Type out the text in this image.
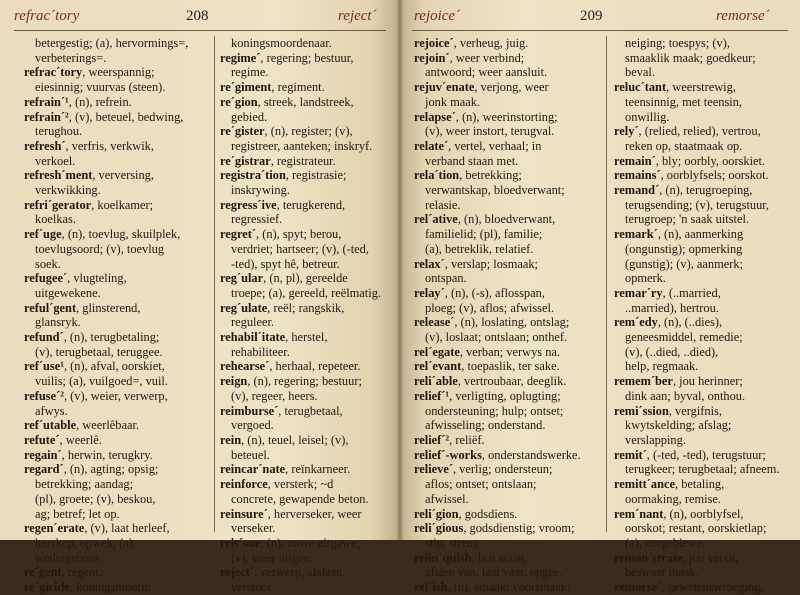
refrac´tory	208	reject´
betergestig; (a), hervormings=,
verbeterings=.
refrac´tory, weerspannig;
eiesinnig; vuurvas (steen).
refrain´¹, (n), refrein.
refrain´², (v), beteuel, bedwing,
terughou.
refresh´, verfris, verkwik,
verkoel.
refresh´ment, verversing,
verkwikking.
refri´gerator, koelkamer;
koelkas.
ref´uge, (n), toevlug, skuilplek,
toevlugsoord; (v), toevlug
soek.
refugee´, vlugteling,
uitgewekene.
reful´gent, glinsterend,
glansryk.
refund´, (n), terugbetaling;
(v), terugbetaal, teruggee.
ref´use¹, (n), afval, oorskiet,
vuilis; (a), vuilgoed=, vuil.
refuse´², (v), weier, verwerp,
afwys.
ref´utable, weerlêbaar.
refute´, weerlê.
regain´, herwin, terugkry.
regard´, (n), agting; opsig;
betrekking; aandag;
(pl), groete; (v), beskou,
ag; betref; let op.
regen´erate, (v), laat herleef,
herskep, opwek; (a),
wedergebore.
re´gent, regent.
re´gicide, koningsmoord;
koningsmoordenaar.
regime´, regering; bestuur,
regime.
re´giment, regiment.
re´gion, streek, landstreek,
gebied.
re´gister, (n), register; (v),
registreer, aanteken; inskryf.
re´gistrar, registrateur.
registra´tion, registrasie;
inskrywing.
regress´ive, terugkerend,
regressief.
regret´, (n), spyt; berou,
verdriet; hartseer; (v), (-ted,
-ted), spyt hê, betreur.
reg´ular, (n, pl), gereelde
troepe; (a), gereeld, reëlmatig.
reg´ulate, reël; rangskik,
reguleer.
rehabil´itate, herstel,
rehabiliteer.
rehearse´, herhaal, repeteer.
reign, (n), regering; bestuur;
(v), regeer, heers.
reimburse´, terugbetaal,
vergoed.
rein, (n), teuel, leisel; (v),
beteuel.
reincar´nate, reïnkarneer.
reinforce, versterk; ~d
concrete, gewapende beton.
reinsure´, herverseker, weer
verseker.
reis´sue, (n), nuwe uitgawe;
(v), weer uitgee.
reject´, verwerp, afslaan,
verstoot.
rejoice´	209	remorse´
rejoice´, verheug, juig.
rejoin´, weer verbind;
antwoord; weer aansluit.
rejuv´enate, verjong, weer
jonk maak.
relapse´, (n), weerinstorting;
(v), weer instort, terugval.
relate´, vertel, verhaal; in
verband staan met.
rela´tion, betrekking;
verwantskap, bloedverwant;
relasie.
rel´ative, (n), bloedverwant,
familielid; (pl), familie;
(a), betreklik, relatief.
relax´, verslap; losmaak;
ontspan.
relay´, (n), (-s), aflosspan,
ploeg; (v), aflos; afwissel.
release´, (n), loslating, ontslag;
(v), loslaat; ontslaan; onthef.
rel´egate, verban; verwys na.
rel´evant, toepaslik, ter sake.
reli´able, vertroubaar, deeglik.
relief´¹, verligting, oplugting;
ondersteuning; hulp; ontset;
afwisseling; onderstand.
relief´², reliëf.
relief´-works, onderstandswerke.
relieve´, verlig; ondersteun;
aflos; ontset; ontslaan;
afwissel.
reli´gion, godsdiens.
reli´gious, godsdienstig; vroom;
stip, streng.
relin´quish, laat staan,
afsien van, laat vaar, opgee.
rel´ish, (n), smaak; voorsmaak;
neiging; toespys; (v),
smaaklik maak; goedkeur;
beval.
reluc´tant, weerstrewig,
teensinnig, met teensin,
onwillig.
rely´, (relied, relied), vertrou,
reken op, staatmaak op.
remain´, bly; oorbly, oorskiet.
remains´, oorblyfsels; oorskot.
remand´, (n), terugroeping,
terugsending; (v), terugstuur,
terugroep; 'n saak uitstel.
remark´, (n), aanmerking
(ongunstig); opmerking
(gunstig); (v), aanmerk;
opmerk.
remar´ry, (..married,
..married), hertrou.
rem´edy, (n), (..dies),
geneesmiddel, remedie;
(v), (..died, ..died),
help, regmaak.
remem´ber, jou herinner;
dink aan; byval, onthou.
remi´ssion, vergifnis,
kwytskelding; afslag;
verslapping.
remit´, (-ted, -ted), terugstuur;
terugkeer; terugbetaal; afneem.
remitt´ance, betaling,
oormaking, remise.
rem´nant, (n), oorblyfsel,
oorskot; restant, oorskietlap;
(a), oorgeblewe.
remon´strate, jou versit,
beswaar maak.
remorse´, gewetenswroeging,
